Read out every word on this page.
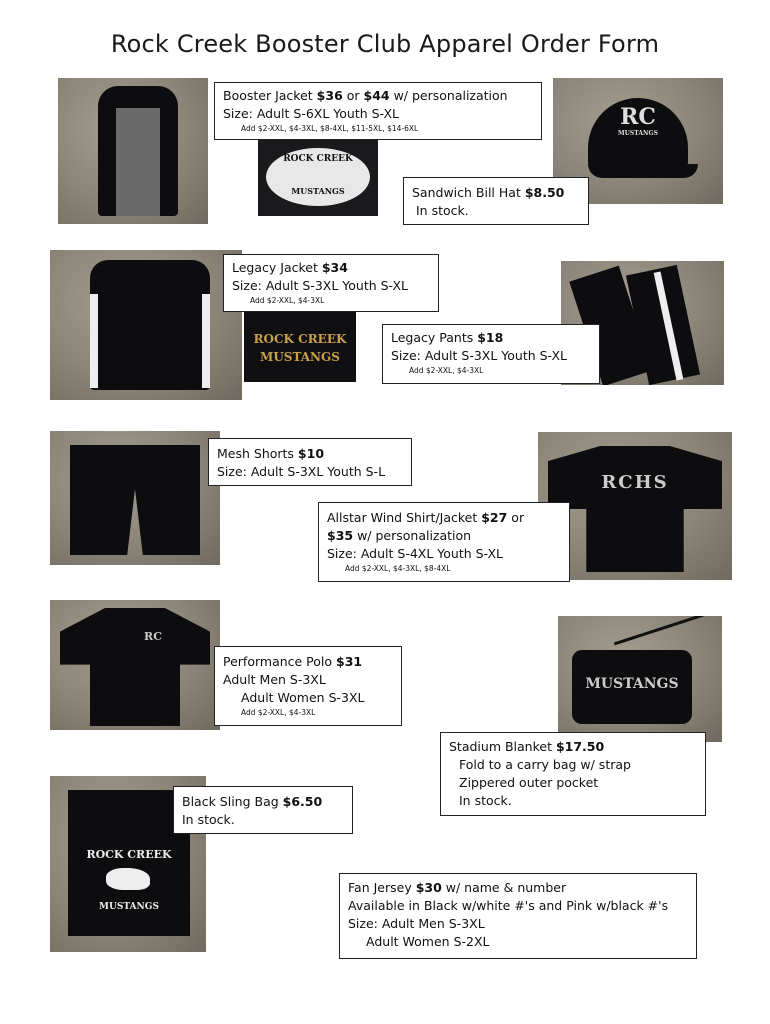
Rock Creek Booster Club Apparel Order Form
ROCK CREEK
MUSTANGS
Booster Jacket $36 or $44 w/ personalization
Size: Adult S-6XL Youth S-XL
Add $2-XXL, $4-3XL, $8-4XL, $11-5XL, $14-6XL	RC
MUSTANGS
Sandwich Bill Hat $8.50

In stock.
ROCK CREEK
MUSTANGS
Legacy Jacket $34
Size: Adult S-3XL Youth S-XL
Add $2-XXL, $4-3XL
Legacy Pants $18
Size: Adult S-3XL Youth S-XL
Add $2-XXL, $4-3XL
Mesh Shorts $10
Size: Adult S-3XL Youth S-L
RCHS
Allstar Wind Shirt/Jacket $27 or
$35 w/ personalization
Size: Adult S-4XL Youth S-XL
Add $2-XXL, $4-3XL, $8-4XL
RC
Performance Polo $31
Adult Men S-3XL

Adult Women S-3XL
Add $2-XXL, $4-3XL
MUSTANGS
Stadium Blanket $17.50

Fold to a carry bag w/ strap
Zippered outer pocket
In stock.
ROCK CREEK
MUSTANGS
Black Sling Bag $6.50
In stock.
Fan Jersey $30 w/ name & number
Available in Black w/white #'s and Pink w/black #'s
Size: Adult Men S-3XL

Adult Women S-2XL
